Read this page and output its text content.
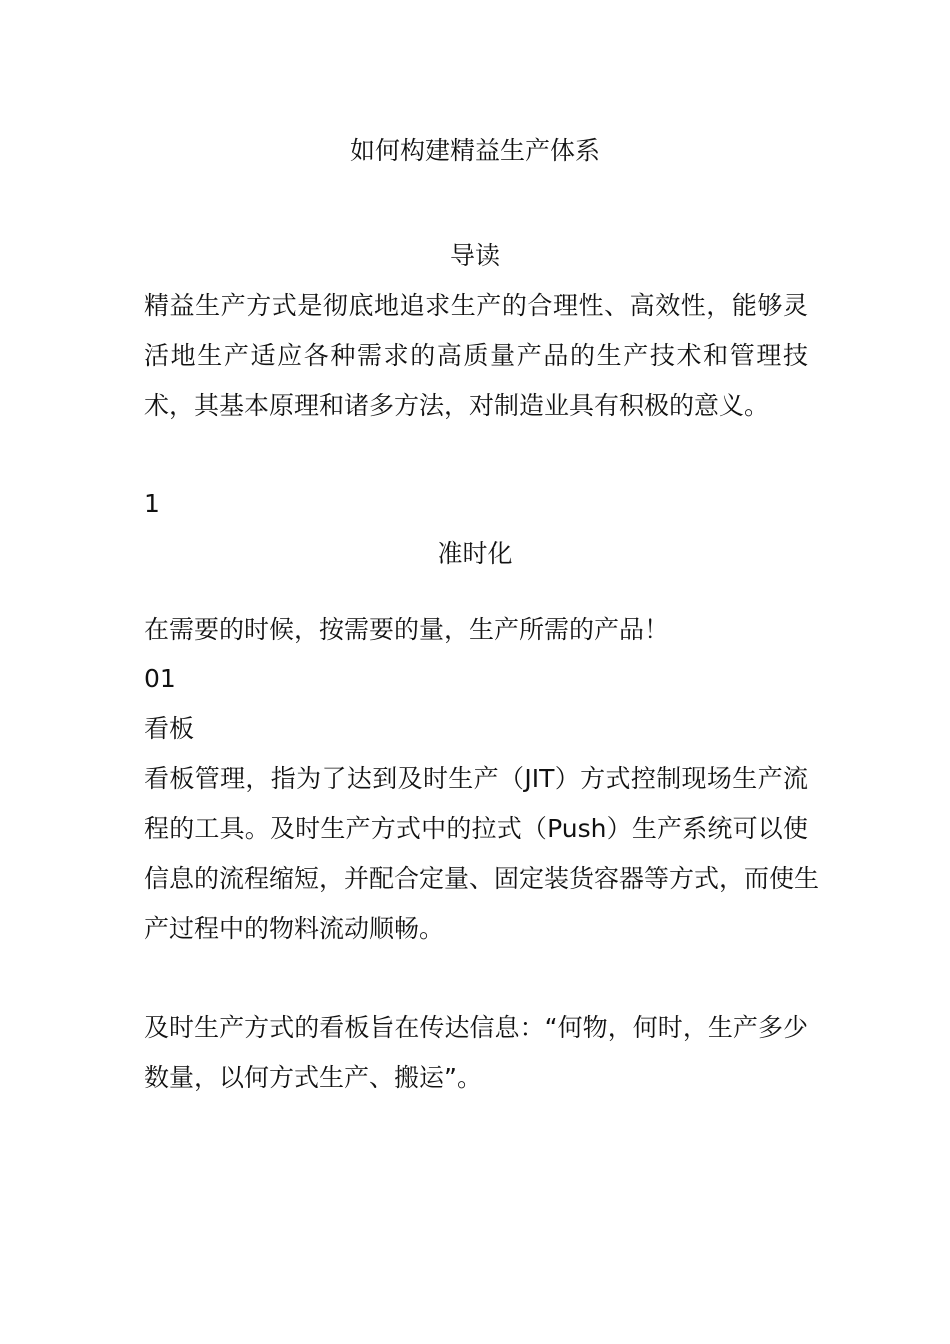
如何构建精益生产体系
导读
精益生产方式是彻底地追求生产的合理性、高效性，能够灵
活地生产适应各种需求的高质量产品的生产技术和管理技
术，其基本原理和诸多方法，对制造业具有积极的意义。
1
准时化
在需要的时候，按需要的量，生产所需的产品！
01
看板
看板管理，指为了达到及时生产（JIT）方式控制现场生产流
程的工具。及时生产方式中的拉式（Push）生产系统可以使
信息的流程缩短，并配合定量、固定装货容器等方式，而使生
产过程中的物料流动顺畅。
及时生产方式的看板旨在传达信息：“何物，何时，生产多少
数量，以何方式生产、搬运”。
